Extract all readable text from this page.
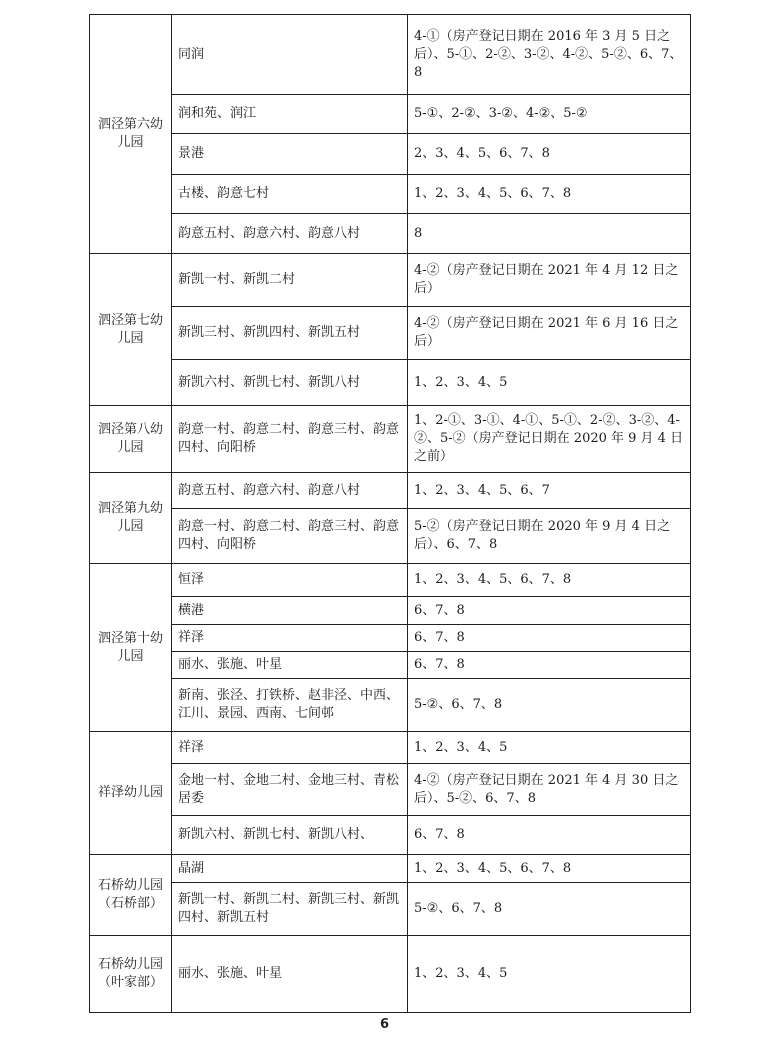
泗泾第六幼儿园	同润	4-①（房产登记日期在 2016 年 3 月 5 日之后）、5-①、2-②、3-②、4-②、5-②、6、7、8
	润和苑、润江	5-①、2-②、3-②、4-②、5-②
	景港	2、3、4、5、6、7、8
	古楼、韵意七村	1、2、3、4、5、6、7、8
	韵意五村、韵意六村、韵意八村	8
泗泾第七幼儿园	新凯一村、新凯二村	4-②（房产登记日期在 2021 年 4 月 12 日之后）
	新凯三村、新凯四村、新凯五村	4-②（房产登记日期在 2021 年 6 月 16 日之后）
	新凯六村、新凯七村、新凯八村	1、2、3、4、5
泗泾第八幼儿园	韵意一村、韵意二村、韵意三村、韵意四村、向阳桥	1、2-①、3-①、4-①、5-①、2-②、3-②、4-②、5-②（房产登记日期在 2020 年 9 月 4 日之前）
泗泾第九幼儿园	韵意五村、韵意六村、韵意八村	1、2、3、4、5、6、7
	韵意一村、韵意二村、韵意三村、韵意四村、向阳桥	5-②（房产登记日期在 2020 年 9 月 4 日之后）、6、7、8
泗泾第十幼儿园	恒泽	1、2、3、4、5、6、7、8
	横港	6、7、8
	祥泽	6、7、8
	丽水、张施、叶星	6、7、8
	新南、张泾、打铁桥、赵非泾、中西、江川、景园、西南、七间邨	5-②、6、7、8
祥泽幼儿园	祥泽	1、2、3、4、5
	金地一村、金地二村、金地三村、青松居委	4-②（房产登记日期在 2021 年 4 月 30 日之后）、5-②、6、7、8
	新凯六村、新凯七村、新凯八村、	6、7、8
石桥幼儿园（石桥部）	晶湖	1、2、3、4、5、6、7、8
	新凯一村、新凯二村、新凯三村、新凯四村、新凯五村	5-②、6、7、8
石桥幼儿园（叶家部）	丽水、张施、叶星	1、2、3、4、5
6
